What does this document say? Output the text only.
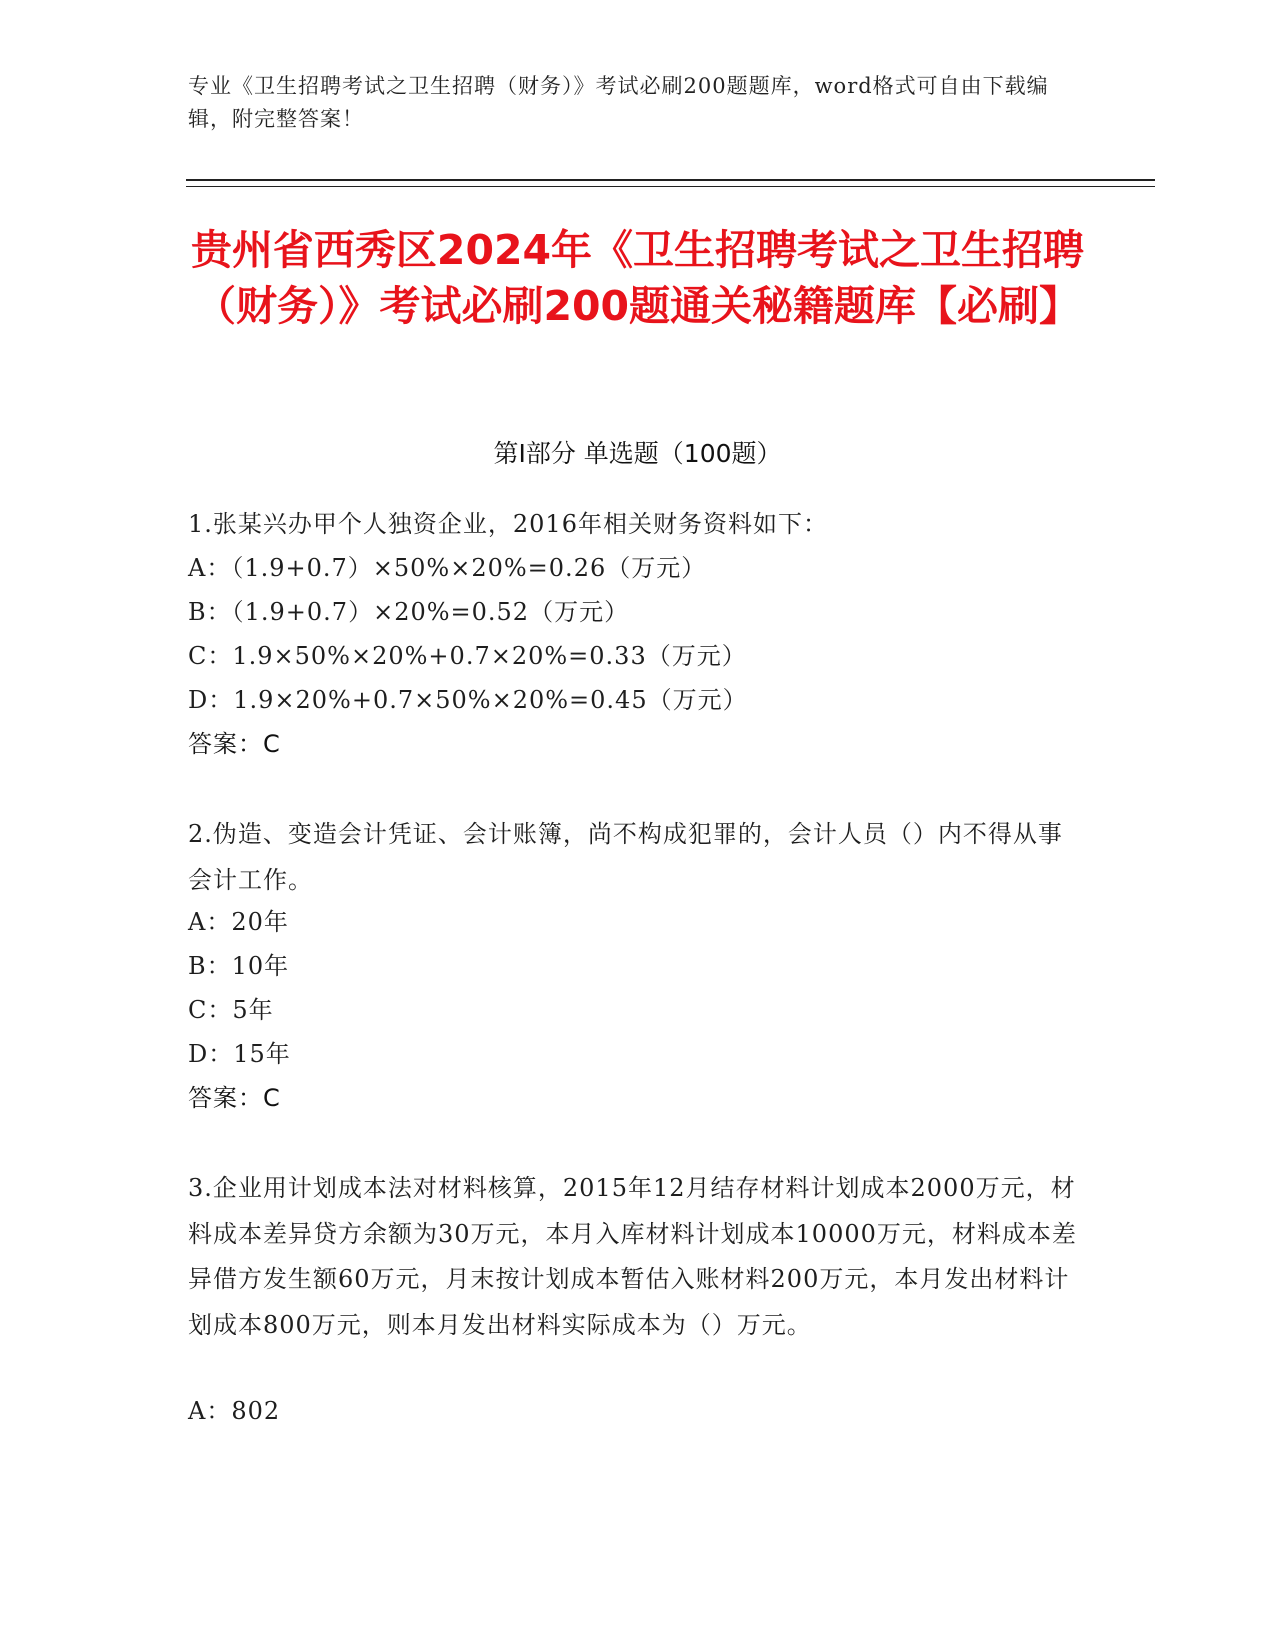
专业《卫生招聘考试之卫生招聘（财务）》考试必刷200题题库，word格式可自由下载编辑，附完整答案！
贵州省西秀区2024年《卫生招聘考试之卫生招聘（财务）》考试必刷200题通关秘籍题库【必刷】
第I部分 单选题（100题）
1.张某兴办甲个人独资企业，2016年相关财务资料如下：
A：（1.9+0.7）×50%×20%=0.26（万元）
B：（1.9+0.7）×20%=0.52（万元）
C：1.9×50%×20%+0.7×20%=0.33（万元）
D：1.9×20%+0.7×50%×20%=0.45（万元）
答案：C
2.伪造、变造会计凭证、会计账簿，尚不构成犯罪的，会计人员（）内不得从事会计工作。
A：20年
B：10年
C：5年
D：15年
答案：C
3.企业用计划成本法对材料核算，2015年12月结存材料计划成本2000万元，材料成本差异贷方余额为30万元，本月入库材料计划成本10000万元，材料成本差异借方发生额60万元，月末按计划成本暂估入账材料200万元，本月发出材料计划成本800万元，则本月发出材料实际成本为（）万元。
A：802
